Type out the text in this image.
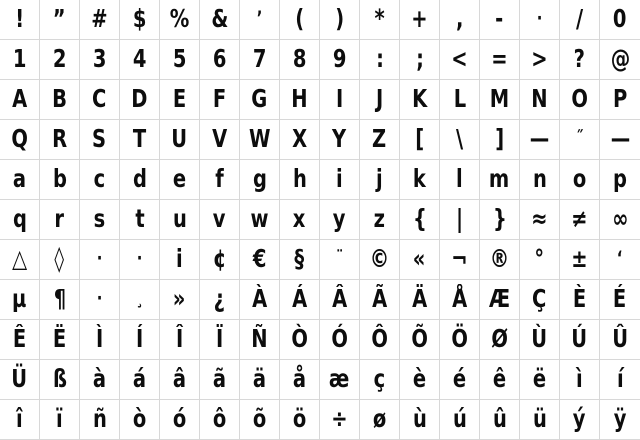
! ” # $ % & ’ ( ) * + , - · / 0
1 2 3 4 5 6 7 8 9 : ; < = > ? @
A B C D E F G H I J K L M N O P
Q R S T U V W X Y Z [ \ ] — ˝ —
a b c d e f g h i j k l m n o p
q r s t u v w x y z { | } ≈ ≠ ∞
△ ◊ · · i ¢ € § ¨ © « ¬ ® ° ± ‘
µ ¶ · ¸ » ¿ À Á Â Ã Ä Å Æ Ç È É
Ê Ë Ì Í Î Ï Ñ Ò Ó Ô Õ Ö Ø Ù Ú Û
Ü ß à á â ã ä å æ ç è é ê ë ì í
î ï ñ ò ó ô õ ö ÷ ø ù ú û ü ý ÿ
